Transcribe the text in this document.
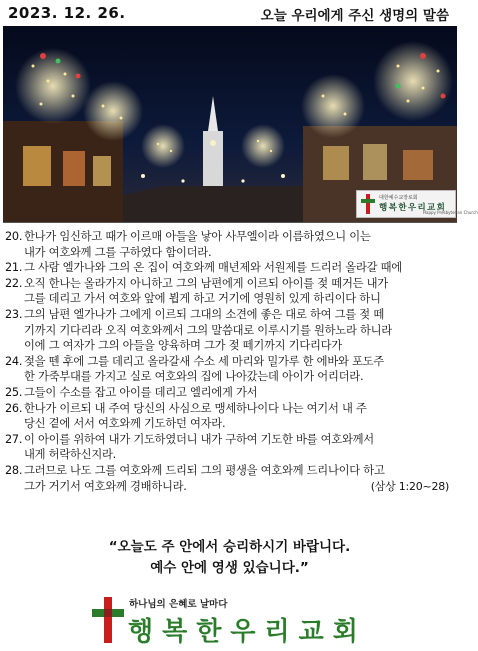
2023. 12. 26.	오늘 우리에게 주신 생명의 말씀
대한예수교장로회
행복한우리교회
Happy Presbyterian Church
20. 한나가 임신하고 때가 이르매 아들을 낳아 사무엘이라 이름하였으니 이는
내가 여호와께 그를 구하였다 함이더라.
21. 그 사람 엘가나와 그의 온 집이 여호와께 매년제와 서원제를 드리러 올라갈 때에
22. 오직 한나는 올라가지 아니하고 그의 남편에게 이르되 아이를 젖 떼거든 내가
그를 데리고 가서 여호와 앞에 뵙게 하고 거기에 영원히 있게 하리이다 하니
23. 그의 남편 엘가나가 그에게 이르되 그대의 소견에 좋은 대로 하여 그를 젖 떼
기까지 기다리라 오직 여호와께서 그의 말씀대로 이루시기를 원하노라 하니라
이에 그 여자가 그의 아들을 양육하며 그가 젖 떼기까지 기다리다가
24. 젖을 뗀 후에 그를 데리고 올라갈새 수소 세 마리와 밀가루 한 에바와 포도주
한 가죽부대를 가지고 실로 여호와의 집에 나아갔는데 아이가 어리더라.
25. 그들이 수소를 잡고 아이를 데리고 엘리에게 가서
26. 한나가 이르되 내 주여 당신의 사심으로 맹세하나이다 나는 여기서 내 주
당신 곁에 서서 여호와께 기도하던 여자라.
27. 이 아이를 위하여 내가 기도하였더니 내가 구하여 기도한 바를 여호와께서
내게 허락하신지라.
28. 그러므로 나도 그를 여호와께 드리되 그의 평생을 여호와께 드리나이다 하고
그가 거기서 여호와께 경배하니라.	(삼상 1:20~28)
“오늘도 주 안에서 승리하시기 바랍니다.
예수 안에 영생 있습니다.”
하나님의 은혜로 날마다
행복한우리교회
